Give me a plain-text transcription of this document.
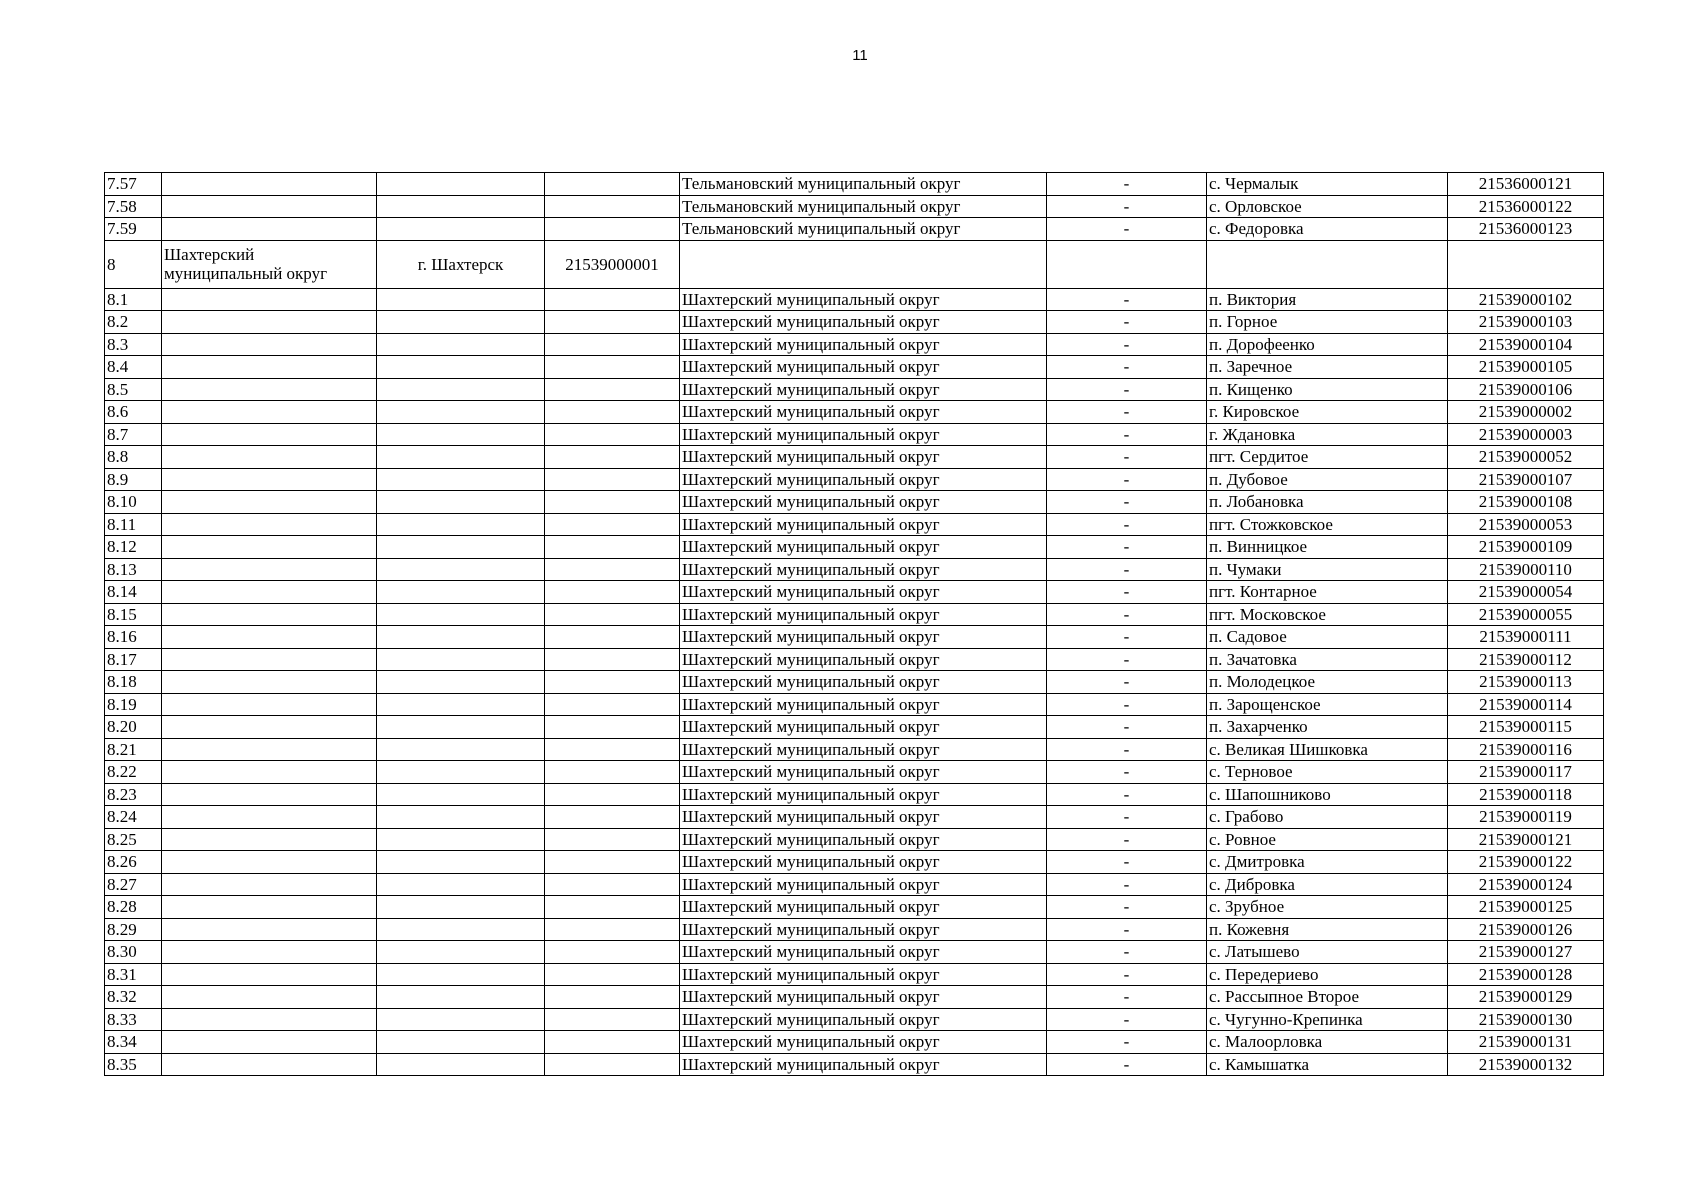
11
7.57				Тельмановский муниципальный округ	-	с. Чермалык	21536000121
7.58				Тельмановский муниципальный округ	-	с. Орловское	21536000122
7.59				Тельмановский муниципальный округ	-	с. Федоровка	21536000123
8	Шахтерский муниципальный округ	г. Шахтерск	21539000001				
8.1				Шахтерский муниципальный округ	-	п. Виктория	21539000102
8.2				Шахтерский муниципальный округ	-	п. Горное	21539000103
8.3				Шахтерский муниципальный округ	-	п. Дорофеенко	21539000104
8.4				Шахтерский муниципальный округ	-	п. Заречное	21539000105
8.5				Шахтерский муниципальный округ	-	п. Кищенко	21539000106
8.6				Шахтерский муниципальный округ	-	г. Кировское	21539000002
8.7				Шахтерский муниципальный округ	-	г. Ждановка	21539000003
8.8				Шахтерский муниципальный округ	-	пгт. Сердитое	21539000052
8.9				Шахтерский муниципальный округ	-	п. Дубовое	21539000107
8.10				Шахтерский муниципальный округ	-	п. Лобановка	21539000108
8.11				Шахтерский муниципальный округ	-	пгт. Стожковское	21539000053
8.12				Шахтерский муниципальный округ	-	п. Винницкое	21539000109
8.13				Шахтерский муниципальный округ	-	п. Чумаки	21539000110
8.14				Шахтерский муниципальный округ	-	пгт. Контарное	21539000054
8.15				Шахтерский муниципальный округ	-	пгт. Московское	21539000055
8.16				Шахтерский муниципальный округ	-	п. Садовое	21539000111
8.17				Шахтерский муниципальный округ	-	п. Зачатовка	21539000112
8.18				Шахтерский муниципальный округ	-	п. Молодецкое	21539000113
8.19				Шахтерский муниципальный округ	-	п. Зарощенское	21539000114
8.20				Шахтерский муниципальный округ	-	п. Захарченко	21539000115
8.21				Шахтерский муниципальный округ	-	с. Великая Шишковка	21539000116
8.22				Шахтерский муниципальный округ	-	с. Терновое	21539000117
8.23				Шахтерский муниципальный округ	-	с. Шапошниково	21539000118
8.24				Шахтерский муниципальный округ	-	с. Грабово	21539000119
8.25				Шахтерский муниципальный округ	-	с. Ровное	21539000121
8.26				Шахтерский муниципальный округ	-	с. Дмитровка	21539000122
8.27				Шахтерский муниципальный округ	-	с. Дибровка	21539000124
8.28				Шахтерский муниципальный округ	-	с. Зрубное	21539000125
8.29				Шахтерский муниципальный округ	-	п. Кожевня	21539000126
8.30				Шахтерский муниципальный округ	-	с. Латышево	21539000127
8.31				Шахтерский муниципальный округ	-	с. Передериево	21539000128
8.32				Шахтерский муниципальный округ	-	с. Рассыпное Второе	21539000129
8.33				Шахтерский муниципальный округ	-	с. Чугунно-Крепинка	21539000130
8.34				Шахтерский муниципальный округ	-	с. Малоорловка	21539000131
8.35				Шахтерский муниципальный округ	-	с. Камышатка	21539000132
